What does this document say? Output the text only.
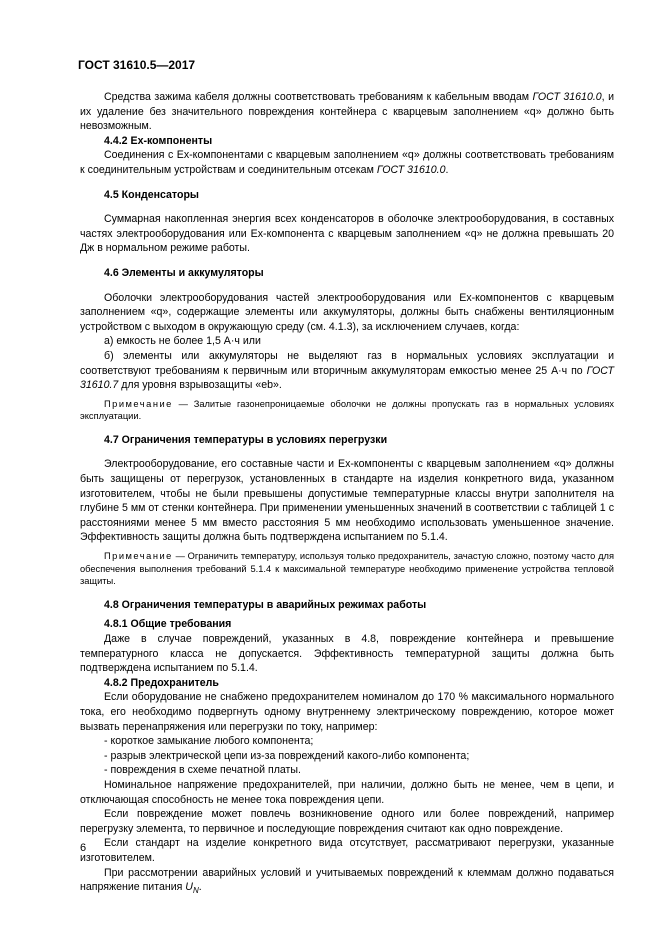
ГОСТ 31610.5—2017

Средства зажима кабеля должны соответствовать требованиям к кабельным вводам ГОСТ 31610.0, и их удаление без значительного повреждения контейнера с кварцевым заполнением «q» должно быть невозможным.

4.4.2 Ex-компоненты

Соединения с Ex-компонентами с кварцевым заполнением «q» должны соответствовать требованиям к соединительным устройствам и соединительным отсекам ГОСТ 31610.0.

4.5 Конденсаторы

Суммарная накопленная энергия всех конденсаторов в оболочке электрооборудования, в составных частях электрооборудования или Ex-компонента с кварцевым заполнением «q» не должна превышать 20 Дж в нормальном режиме работы.

4.6 Элементы и аккумуляторы

Оболочки электрооборудования частей электрооборудования или Ex-компонентов с кварцевым заполнением «q», содержащие элементы или аккумуляторы, должны быть снабжены вентиляционным устройством с выходом в окружающую среду (см. 4.1.3), за исключением случаев, когда:

а) емкость не более 1,5 А·ч или

б) элементы или аккумуляторы не выделяют газ в нормальных условиях эксплуатации и соответствуют требованиям к первичным или вторичным аккумуляторам емкостью менее 25 А·ч по ГОСТ 31610.7 для уровня взрывозащиты «eb».

Примечание — Залитые газонепроницаемые оболочки не должны пропускать газ в нормальных условиях эксплуатации.

4.7 Ограничения температуры в условиях перегрузки

Электрооборудование, его составные части и Ex-компоненты с кварцевым заполнением «q» должны быть защищены от перегрузок, установленных в стандарте на изделия конкретного вида, указанном изготовителем, чтобы не были превышены допустимые температурные классы внутри заполнителя на глубине 5 мм от стенки контейнера. При применении уменьшенных значений в соответствии с таблицей 1 с расстояниями менее 5 мм вместо расстояния 5 мм необходимо использовать уменьшенное значение. Эффективность защиты должна быть подтверждена испытанием по 5.1.4.

Примечание — Ограничить температуру, используя только предохранитель, зачастую сложно, поэтому часто для обеспечения выполнения требований 5.1.4 к максимальной температуре необходимо применение устройства тепловой защиты.

4.8 Ограничения температуры в аварийных режимах работы

4.8.1 Общие требования

Даже в случае повреждений, указанных в 4.8, повреждение контейнера и превышение температурного класса не допускается. Эффективность температурной защиты должна быть подтверждена испытанием по 5.1.4.

4.8.2 Предохранитель

Если оборудование не снабжено предохранителем номиналом до 170 % максимального нормального тока, его необходимо подвергнуть одному внутреннему электрическому повреждению, которое может вызвать перенапряжения или перегрузки по току, например:

- короткое замыкание любого компонента;

- разрыв электрической цепи из-за повреждений какого-либо компонента;

- повреждения в схеме печатной платы.

Номинальное напряжение предохранителей, при наличии, должно быть не менее, чем в цепи, и отключающая способность не менее тока повреждения цепи.

Если повреждение может повлечь возникновение одного или более повреждений, например перегрузку элемента, то первичное и последующие повреждения считают как одно повреждение.

Если стандарт на изделие конкретного вида отсутствует, рассматривают перегрузки, указанные изготовителем.

При рассмотрении аварийных условий и учитываемых повреждений к клеммам должно подаваться напряжение питания $U_N$.

6
